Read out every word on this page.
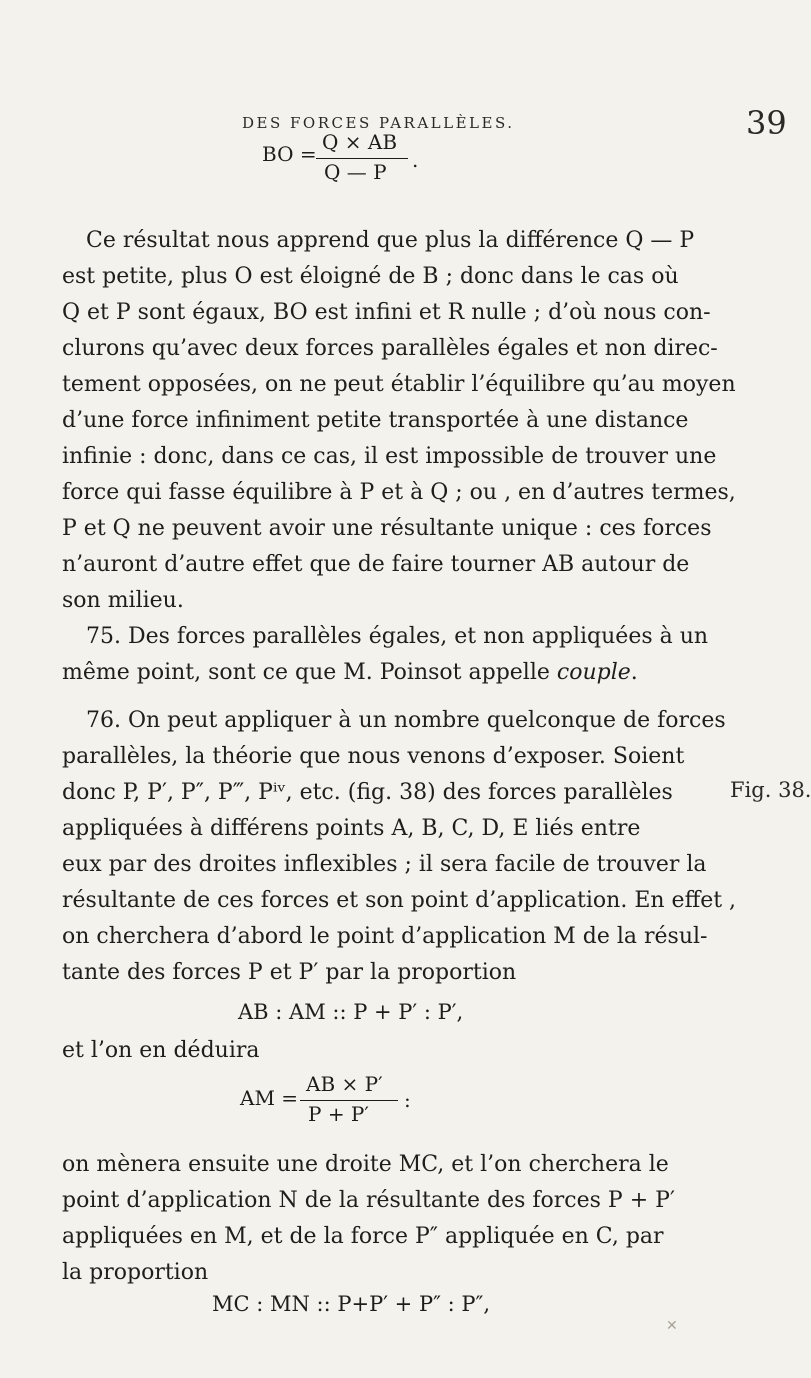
DES FORCES PARALLÈLES.	39
BO = Q × AB
Q — P .
Ce résultat nous apprend que plus la différence Q — P
est petite, plus O est éloigné de B ; donc dans le cas où
Q et P sont égaux, BO est infini et R nulle ; d’où nous con-
clurons qu’avec deux forces parallèles égales et non direc-
tement opposées, on ne peut établir l’équilibre qu’au moyen
d’une force infiniment petite transportée à une distance
infinie : donc, dans ce cas, il est impossible de trouver une
force qui fasse équilibre à P et à Q ; ou , en d’autres termes,
P et Q ne peuvent avoir une résultante unique : ces forces
n’auront d’autre effet que de faire tourner AB autour de
son milieu.
75. Des forces parallèles égales, et non appliquées à un
même point, sont ce que M. Poinsot appelle couple.
76. On peut appliquer à un nombre quelconque de forces
parallèles, la théorie que nous venons d’exposer. Soient
donc P, P′, P″, P‴, Pⁱᵛ, etc. (fig. 38) des forces parallèles
appliquées à différens points A, B, C, D, E liés entre
eux par des droites inflexibles ; il sera facile de trouver la
résultante de ces forces et son point d’application. En effet ,
on cherchera d’abord le point d’application M de la résul-
tante des forces P et P′ par la proportion
Fig. 38.
AB : AM :: P + P′ : P′,
et l’on en déduira
AM =
AB × P′
P + P′
:
on mènera ensuite une droite MC, et l’on cherchera le
point d’application N de la résultante des forces P + P′
appliquées en M, et de la force P″ appliquée en C, par
la proportion
MC : MN :: P+P′ + P″ : P″,
✕
